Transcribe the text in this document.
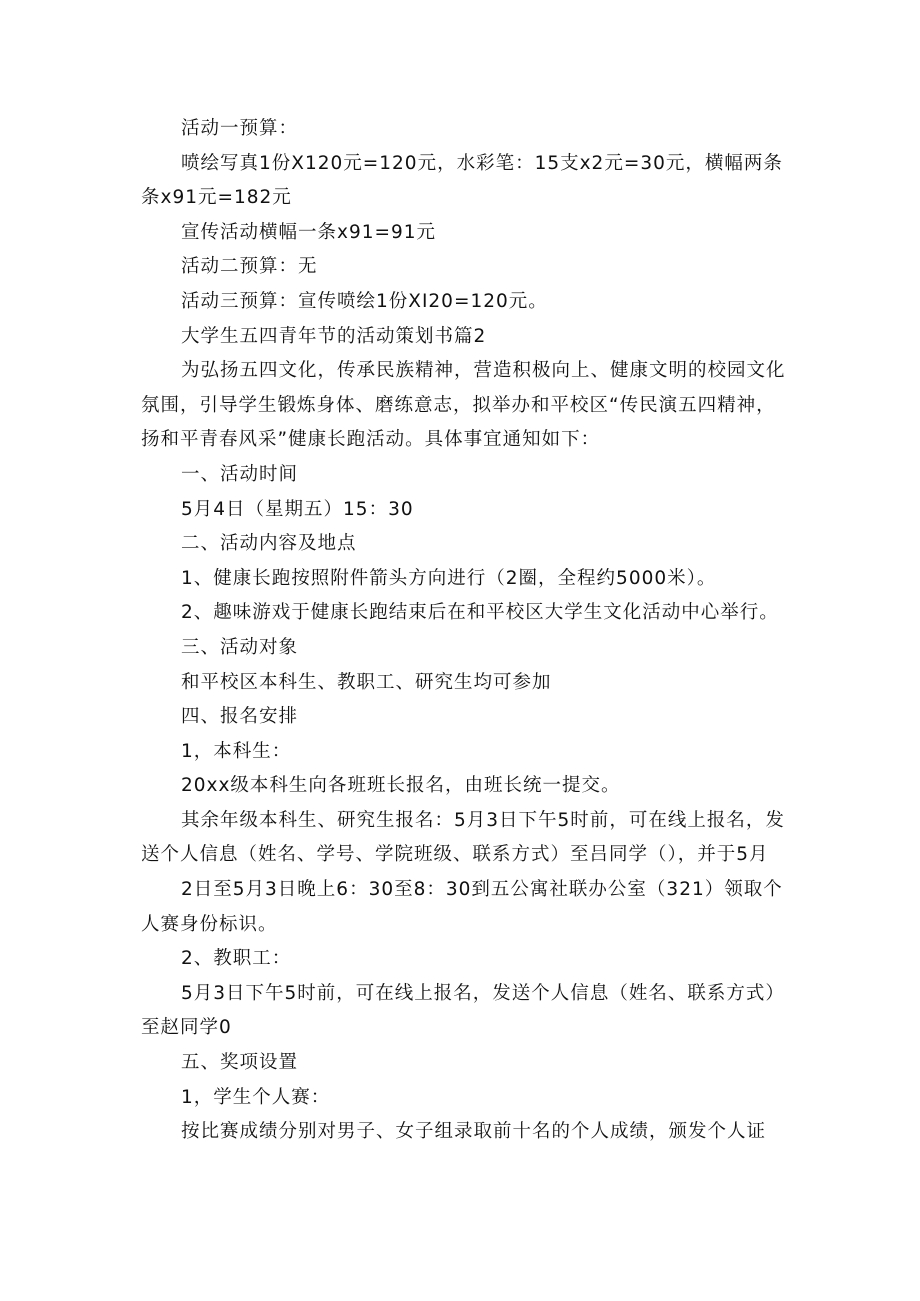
活动一预算：

喷绘写真1份X120元=120元，水彩笔：15支x2元=30元，横幅两条条x91元=182元

宣传活动横幅一条x91=91元

活动二预算：无

活动三预算：宣传喷绘1份XI20=120元。

大学生五四青年节的活动策划书篇2

为弘扬五四文化，传承民族精神，营造积极向上、健康文明的校园文化氛围，引导学生锻炼身体、磨练意志，拟举办和平校区“传民演五四精神，扬和平青春风采”健康长跑活动。具体事宜通知如下：

一、活动时间

5月4日（星期五）15：30

二、活动内容及地点

1、健康长跑按照附件箭头方向进行（2圈，全程约5000米）。

2、趣味游戏于健康长跑结束后在和平校区大学生文化活动中心举行。

三、活动对象

和平校区本科生、教职工、研究生均可参加

四、报名安排

1，本科生：

20xx级本科生向各班班长报名，由班长统一提交。

其余年级本科生、研究生报名：5月3日下午5时前，可在线上报名，发送个人信息（姓名、学号、学院班级、联系方式）至吕同学（），并于5月

2日至5月3日晚上6：30至8：30到五公寓社联办公室（321）领取个人赛身份标识。

2、教职工：

5月3日下午5时前，可在线上报名，发送个人信息（姓名、联系方式）至赵同学0

五、奖项设置

1，学生个人赛：

按比赛成绩分别对男子、女子组录取前十名的个人成绩，颁发个人证
